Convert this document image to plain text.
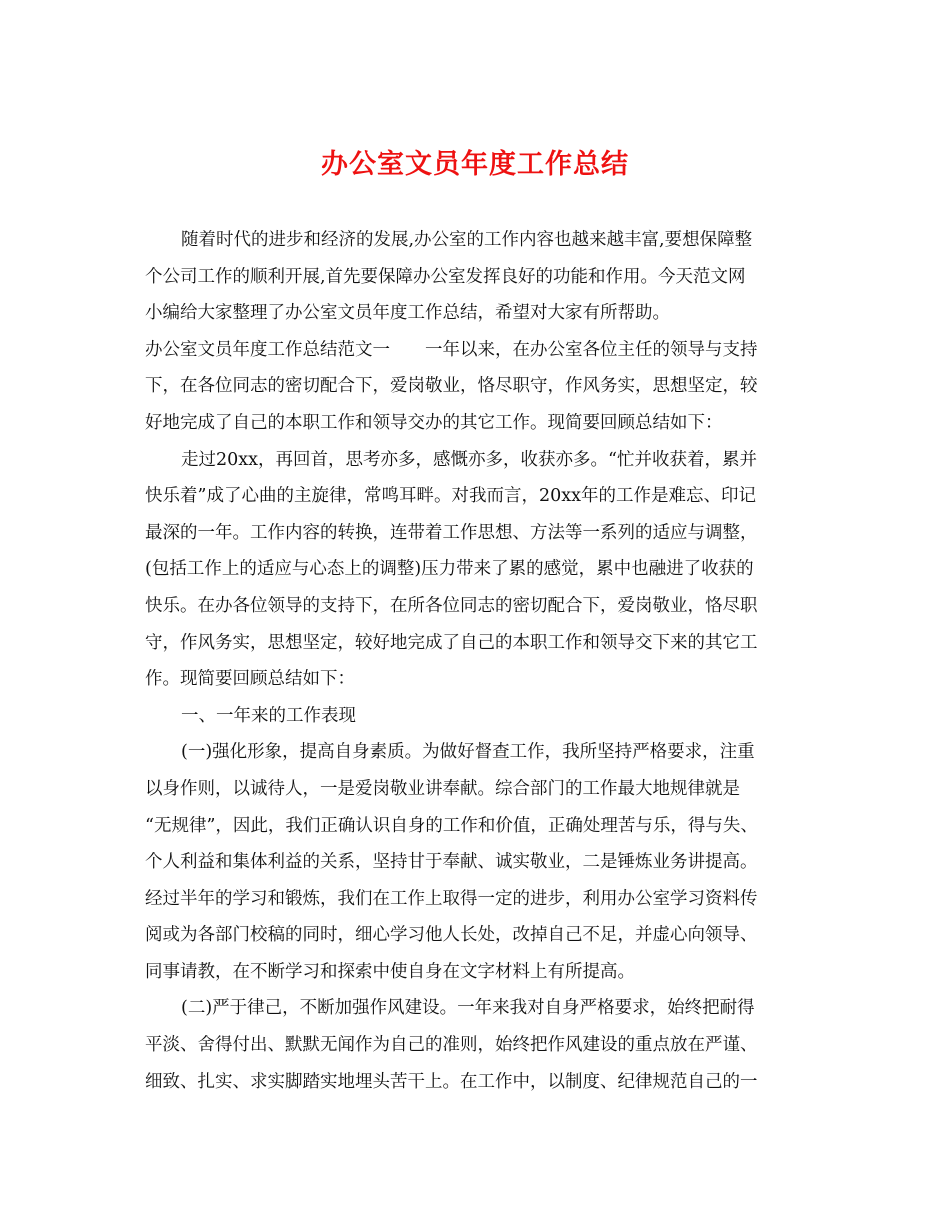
办公室文员年度工作总结
随着时代的进步和经济的发展,办公室的工作内容也越来越丰富,要想保障整
个公司工作的顺利开展,首先要保障办公室发挥良好的功能和作用。今天范文网
小编给大家整理了办公室文员年度工作总结，希望对大家有所帮助。
办公室文员年度工作总结范文一　　一年以来，在办公室各位主任的领导与支持
下，在各位同志的密切配合下，爱岗敬业，恪尽职守，作风务实，思想坚定，较
好地完成了自己的本职工作和领导交办的其它工作。现简要回顾总结如下：
走过20xx，再回首，思考亦多，感慨亦多，收获亦多。“忙并收获着，累并
快乐着”成了心曲的主旋律，常鸣耳畔。对我而言，20xx年的工作是难忘、印记
最深的一年。工作内容的转换，连带着工作思想、方法等一系列的适应与调整，
(包括工作上的适应与心态上的调整)压力带来了累的感觉，累中也融进了收获的
快乐。在办各位领导的支持下，在所各位同志的密切配合下，爱岗敬业，恪尽职
守，作风务实，思想坚定，较好地完成了自己的本职工作和领导交下来的其它工
作。现简要回顾总结如下：
一、一年来的工作表现
(一)强化形象，提高自身素质。为做好督查工作，我所坚持严格要求，注重
以身作则，以诚待人，一是爱岗敬业讲奉献。综合部门的工作最大地规律就是
“无规律”，因此，我们正确认识自身的工作和价值，正确处理苦与乐，得与失、
个人利益和集体利益的关系，坚持甘于奉献、诚实敬业，二是锤炼业务讲提高。
经过半年的学习和锻炼，我们在工作上取得一定的进步，利用办公室学习资料传
阅或为各部门校稿的同时，细心学习他人长处，改掉自己不足，并虚心向领导、
同事请教，在不断学习和探索中使自身在文字材料上有所提高。
(二)严于律己，不断加强作风建设。一年来我对自身严格要求，始终把耐得
平淡、舍得付出、默默无闻作为自己的准则，始终把作风建设的重点放在严谨、
细致、扎实、求实脚踏实地埋头苦干上。在工作中，以制度、纪律规范自己的一
